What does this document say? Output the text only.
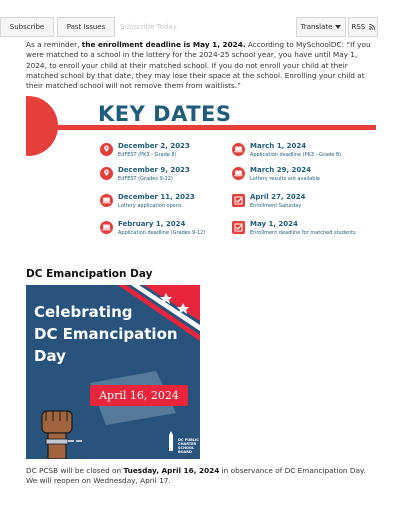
Subscribe	Past Issues	Subscribe Today	Translate	RSS

As a reminder, the enrollment deadline is May 1, 2024. According to MySchoolDC: “If you were matched to a school in the lottery for the 2024-25 school year, you have until May 1, 2024, to enroll your child at their matched school. If you do not enroll your child at their matched school by that date, they may lose their space at the school. Enrolling your child at their matched school will not remove them from waitlists.”

KEY DATES
December 2, 2023
EdFEST (PK3 - Grade 8)
December 9, 2023
EdFEST (Grades 9-12)
December 11, 2023
Lottery application opens
February 1, 2024
Application deadline (Grades 9-12)
March 1, 2024
Application deadline (PK3 - Grade 8)
March 29, 2024
Lottery results are available
April 27, 2024
Enrollment Saturday
May 1, 2024
Enrollment deadline for matched students
DC Emancipation Day
Celebrating
DC Emancipation
Day
April 16, 2024
DC PUBLIC CHARTER SCHOOL BOARD

DC PCSB will be closed on Tuesday, April 16, 2024 in observance of DC Emancipation Day. We will reopen on Wednesday, April 17.
